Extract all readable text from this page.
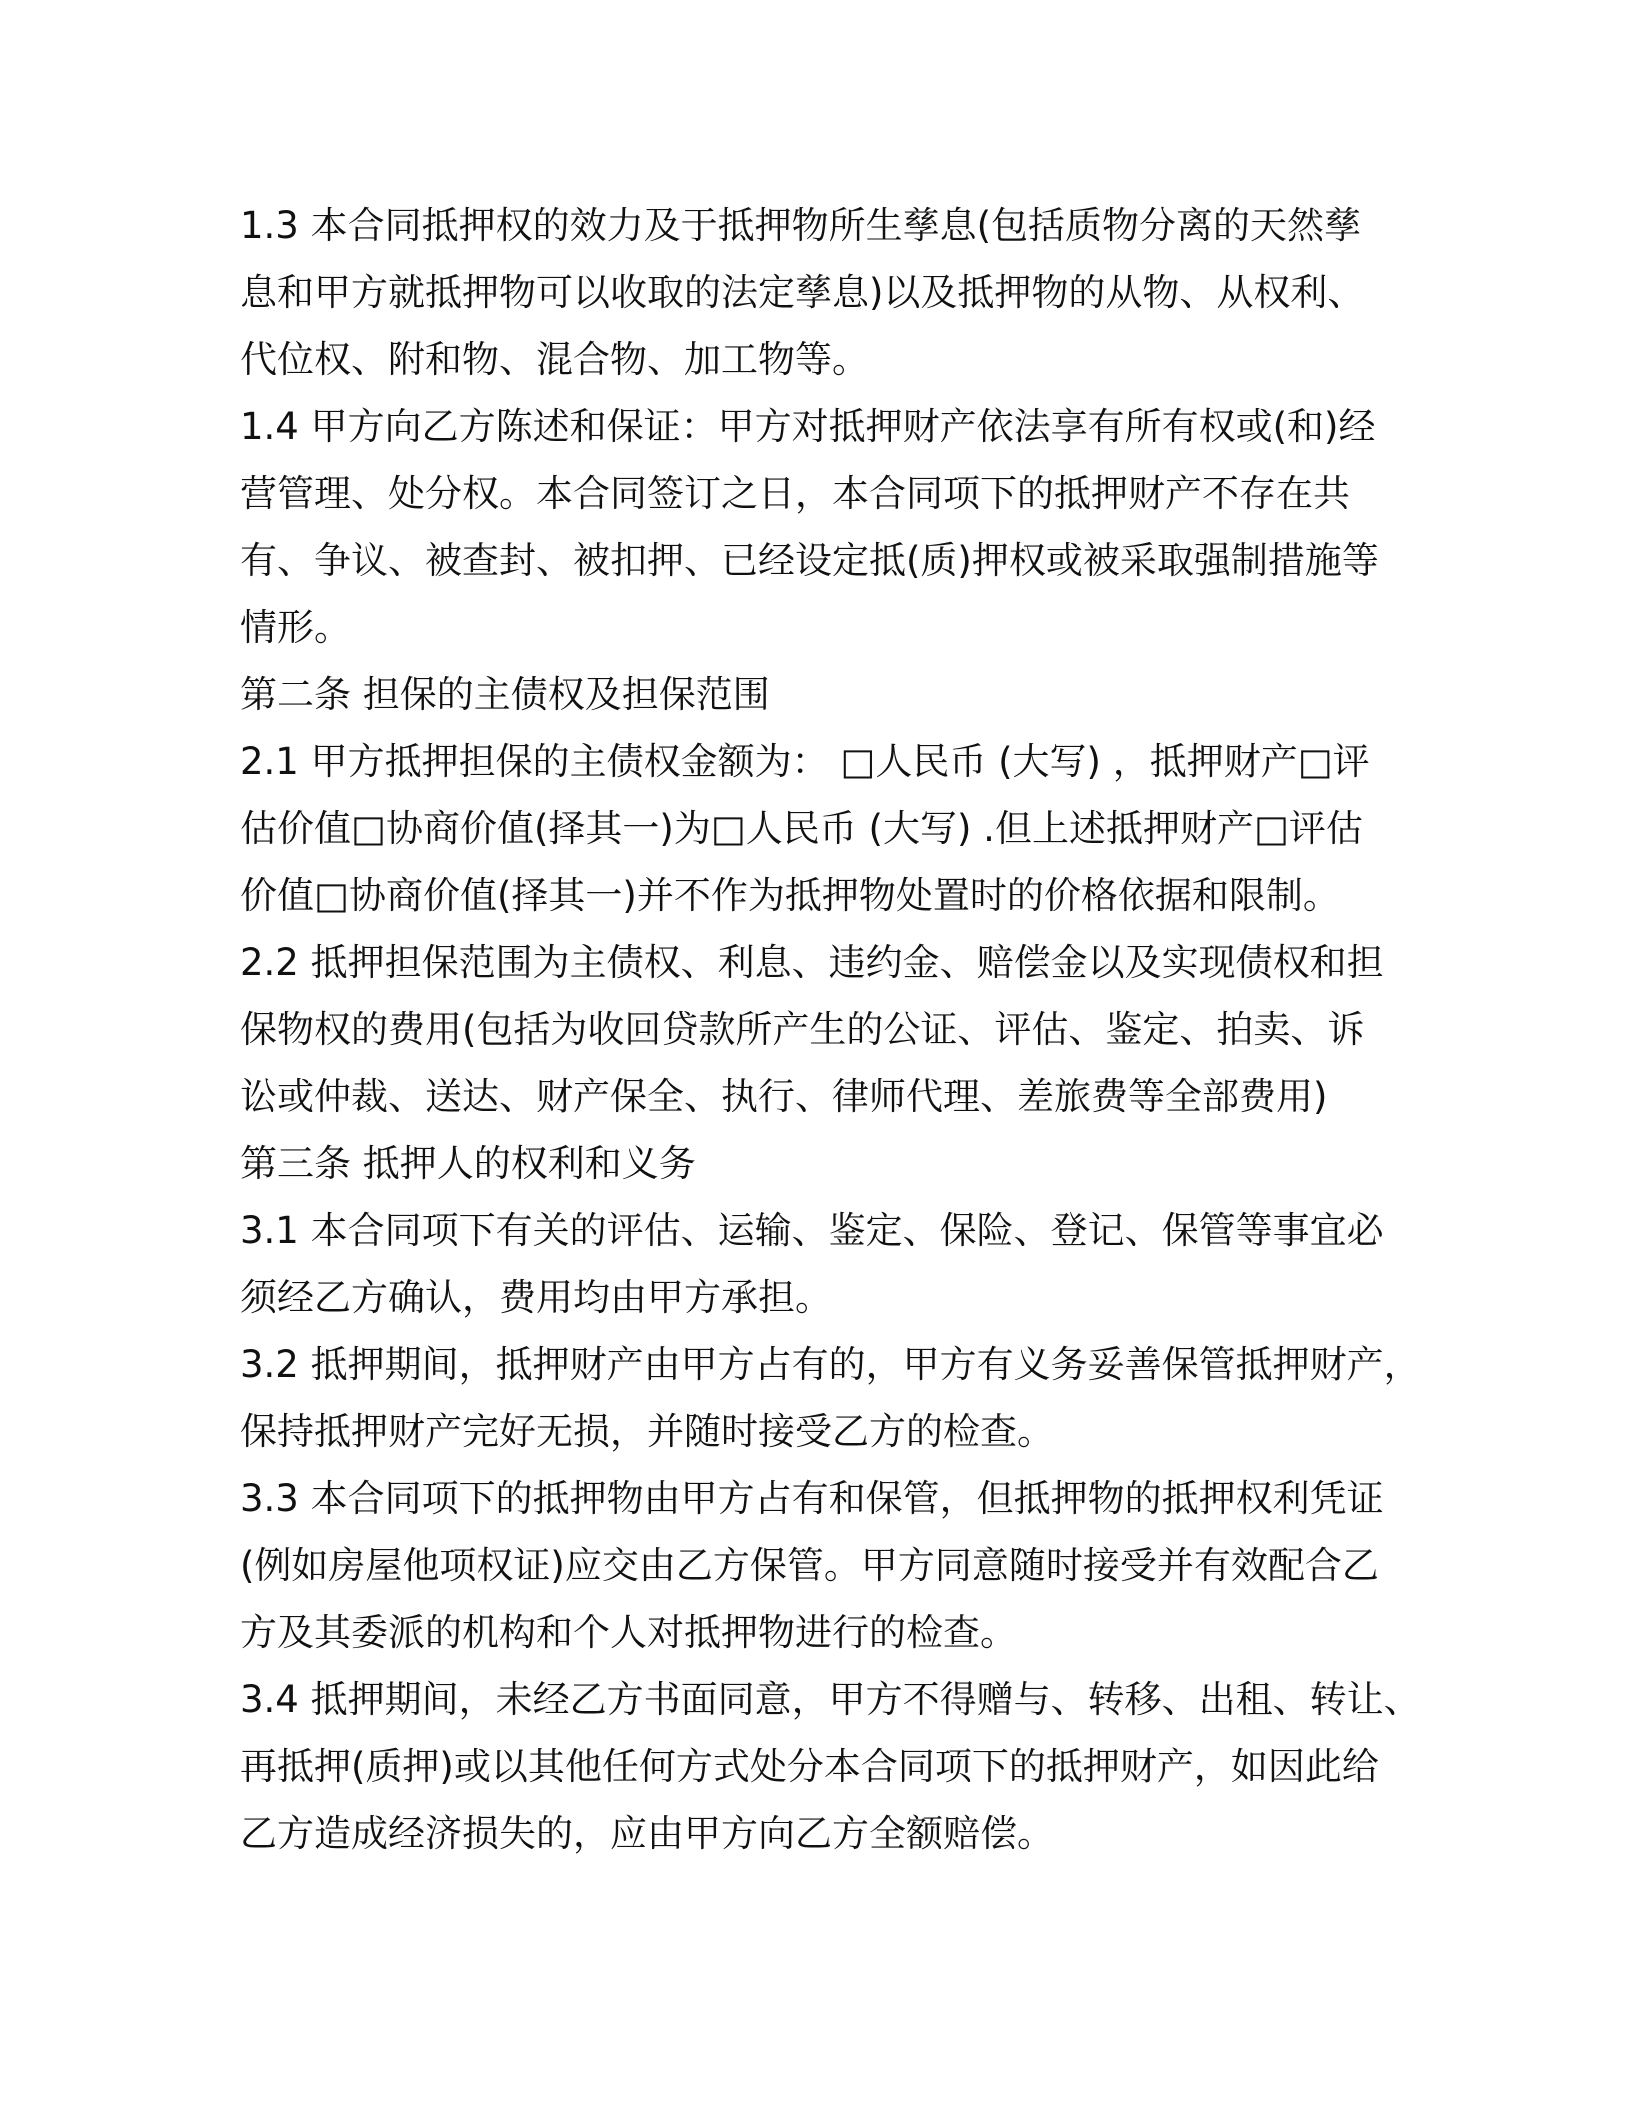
1.3 本合同抵押权的效力及于抵押物所生孳息(包括质物分离的天然孳
息和甲方就抵押物可以收取的法定孳息)以及抵押物的从物、从权利、
代位权、附和物、混合物、加工物等。
1.4 甲方向乙方陈述和保证：甲方对抵押财产依法享有所有权或(和)经
营管理、处分权。本合同签订之日，本合同项下的抵押财产不存在共
有、争议、被查封、被扣押、已经设定抵(质)押权或被采取强制措施等
情形。
第二条 担保的主债权及担保范围
2.1 甲方抵押担保的主债权金额为： □人民币 (大写) ，抵押财产□评
估价值□协商价值(择其一)为□人民币 (大写) .但上述抵押财产□评估
价值□协商价值(择其一)并不作为抵押物处置时的价格依据和限制。
2.2 抵押担保范围为主债权、利息、违约金、赔偿金以及实现债权和担
保物权的费用(包括为收回贷款所产生的公证、评估、鉴定、拍卖、诉
讼或仲裁、送达、财产保全、执行、律师代理、差旅费等全部费用)
第三条 抵押人的权利和义务
3.1 本合同项下有关的评估、运输、鉴定、保险、登记、保管等事宜必
须经乙方确认，费用均由甲方承担。
3.2 抵押期间，抵押财产由甲方占有的，甲方有义务妥善保管抵押财产，
保持抵押财产完好无损，并随时接受乙方的检查。
3.3 本合同项下的抵押物由甲方占有和保管，但抵押物的抵押权利凭证
(例如房屋他项权证)应交由乙方保管。甲方同意随时接受并有效配合乙
方及其委派的机构和个人对抵押物进行的检查。
3.4 抵押期间，未经乙方书面同意，甲方不得赠与、转移、出租、转让、
再抵押(质押)或以其他任何方式处分本合同项下的抵押财产，如因此给
乙方造成经济损失的，应由甲方向乙方全额赔偿。
